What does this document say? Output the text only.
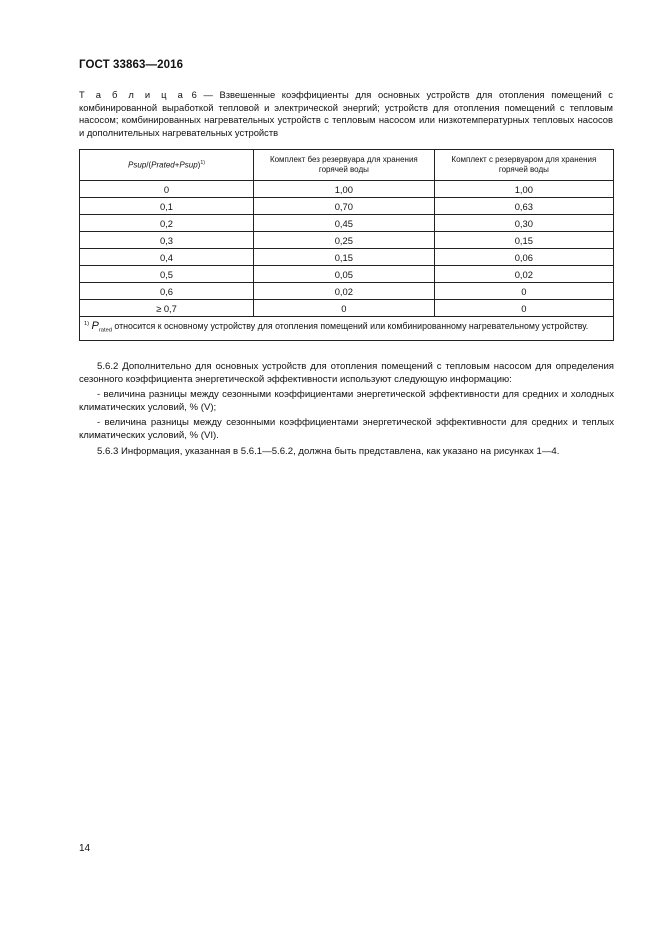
ГОСТ 33863—2016
Т а б л и ц а 6 — Взвешенные коэффициенты для основных устройств для отопления помещений с комбинированной выработкой тепловой и электрической энергий; устройств для отопления помещений с тепловым насосом; комбинированных нагревательных устройств с тепловым насосом или низкотемпературных тепловых насосов и дополнительных нагревательных устройств
Psup/(Prated+Psup)$^{1)}$	Комплект без резервуара для хранения горячей воды	Комплект с резервуаром для хранения горячей воды
0	1,00	1,00
0,1	0,70	0,63
0,2	0,45	0,30
0,3	0,25	0,15
0,4	0,15	0,06
0,5	0,05	0,02
0,6	0,02	0
≥ 0,7	0	0
$^{1)}$ $P_{rated}$ относится к основному устройству для отопления помещений или комбинированному нагревательному устройству.		

5.6.2 Дополнительно для основных устройств для отопления помещений с тепловым насосом для определения сезонного коэффициента энергетической эффективности используют следующую информацию:

- величина разницы между сезонными коэффициентами энергетической эффективности для средних и холодных климатических условий, % (V);

- величина разницы между сезонными коэффициентами энергетической эффективности для средних и теплых климатических условий, % (VI).

5.6.3 Информация, указанная в 5.6.1—5.6.2, должна быть представлена, как указано на рисунках 1—4.

14
